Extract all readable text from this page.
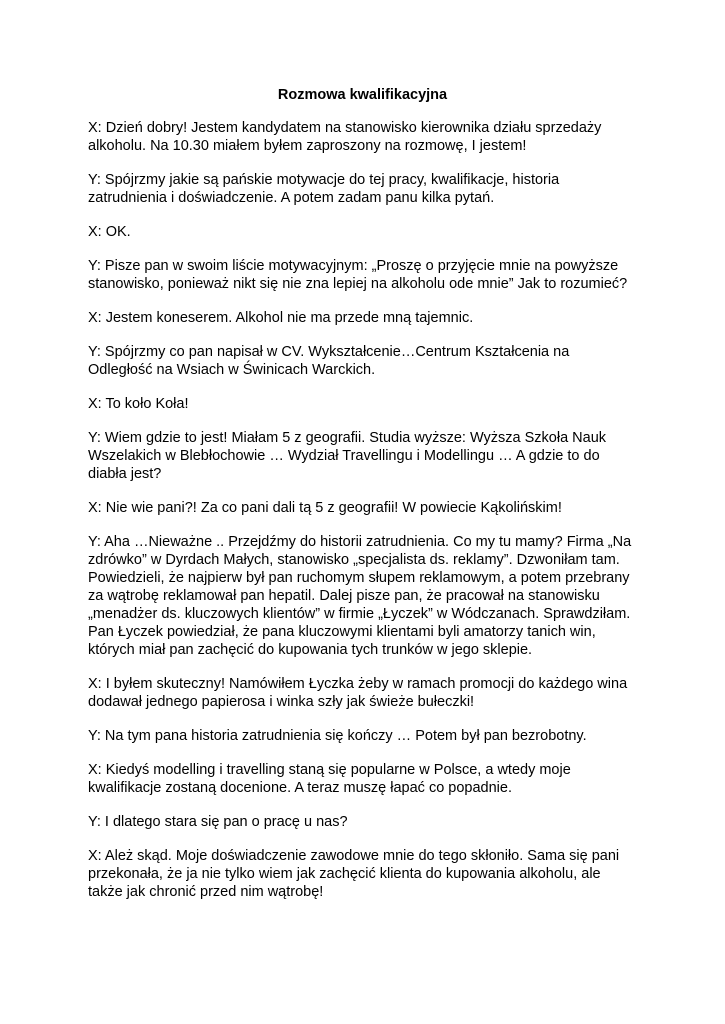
Rozmowa kwalifikacyjna

X: Dzień dobry! Jestem kandydatem na stanowisko kierownika działu sprzedaży
alkoholu. Na 10.30 miałem byłem zaproszony na rozmowę, I jestem!

Y: Spójrzmy jakie są pańskie motywacje do tej pracy, kwalifikacje, historia
zatrudnienia i doświadczenie. A potem zadam panu kilka pytań.

X: OK.

Y: Pisze pan w swoim liście motywacyjnym: „Proszę o przyjęcie mnie na powyższe
stanowisko, ponieważ nikt się nie zna lepiej na alkoholu ode mnie” Jak to rozumieć?

X: Jestem koneserem. Alkohol nie ma przede mną tajemnic.

Y: Spójrzmy co pan napisał w CV. Wykształcenie…Centrum Kształcenia na
Odległość na Wsiach w Świnicach Warckich.

X: To koło Koła!

Y: Wiem gdzie to jest! Miałam 5 z geografii. Studia wyższe: Wyższa Szkoła Nauk
Wszelakich w Blebłochowie … Wydział Travellingu i Modellingu … A gdzie to do
diabła jest?

X: Nie wie pani?! Za co pani dali tą 5 z geografii! W powiecie Kąkolińskim!

Y: Aha …Nieważne .. Przejdźmy do historii zatrudnienia. Co my tu mamy? Firma „Na
zdrówko” w Dyrdach Małych, stanowisko „specjalista ds. reklamy”. Dzwoniłam tam.
Powiedzieli, że najpierw był pan ruchomym słupem reklamowym, a potem przebrany
za wątrobę reklamował pan hepatil. Dalej pisze pan, że pracował na stanowisku
„menadżer ds. kluczowych klientów” w firmie „Łyczek” w Wódczanach. Sprawdziłam.
Pan Łyczek powiedział, że pana kluczowymi klientami byli amatorzy tanich win,
których miał pan zachęcić do kupowania tych trunków w jego sklepie.

X: I byłem skuteczny! Namówiłem Łyczka żeby w ramach promocji do każdego wina
dodawał jednego papierosa i winka szły jak świeże bułeczki!

Y: Na tym pana historia zatrudnienia się kończy … Potem był pan bezrobotny.

X: Kiedyś modelling i travelling staną się popularne w Polsce, a wtedy moje
kwalifikacje zostaną docenione. A teraz muszę łapać co popadnie.

Y: I dlatego stara się pan o pracę u nas?

X: Ależ skąd. Moje doświadczenie zawodowe mnie do tego skłoniło. Sama się pani
przekonała, że ja nie tylko wiem jak zachęcić klienta do kupowania alkoholu, ale
także jak chronić przed nim wątrobę!
